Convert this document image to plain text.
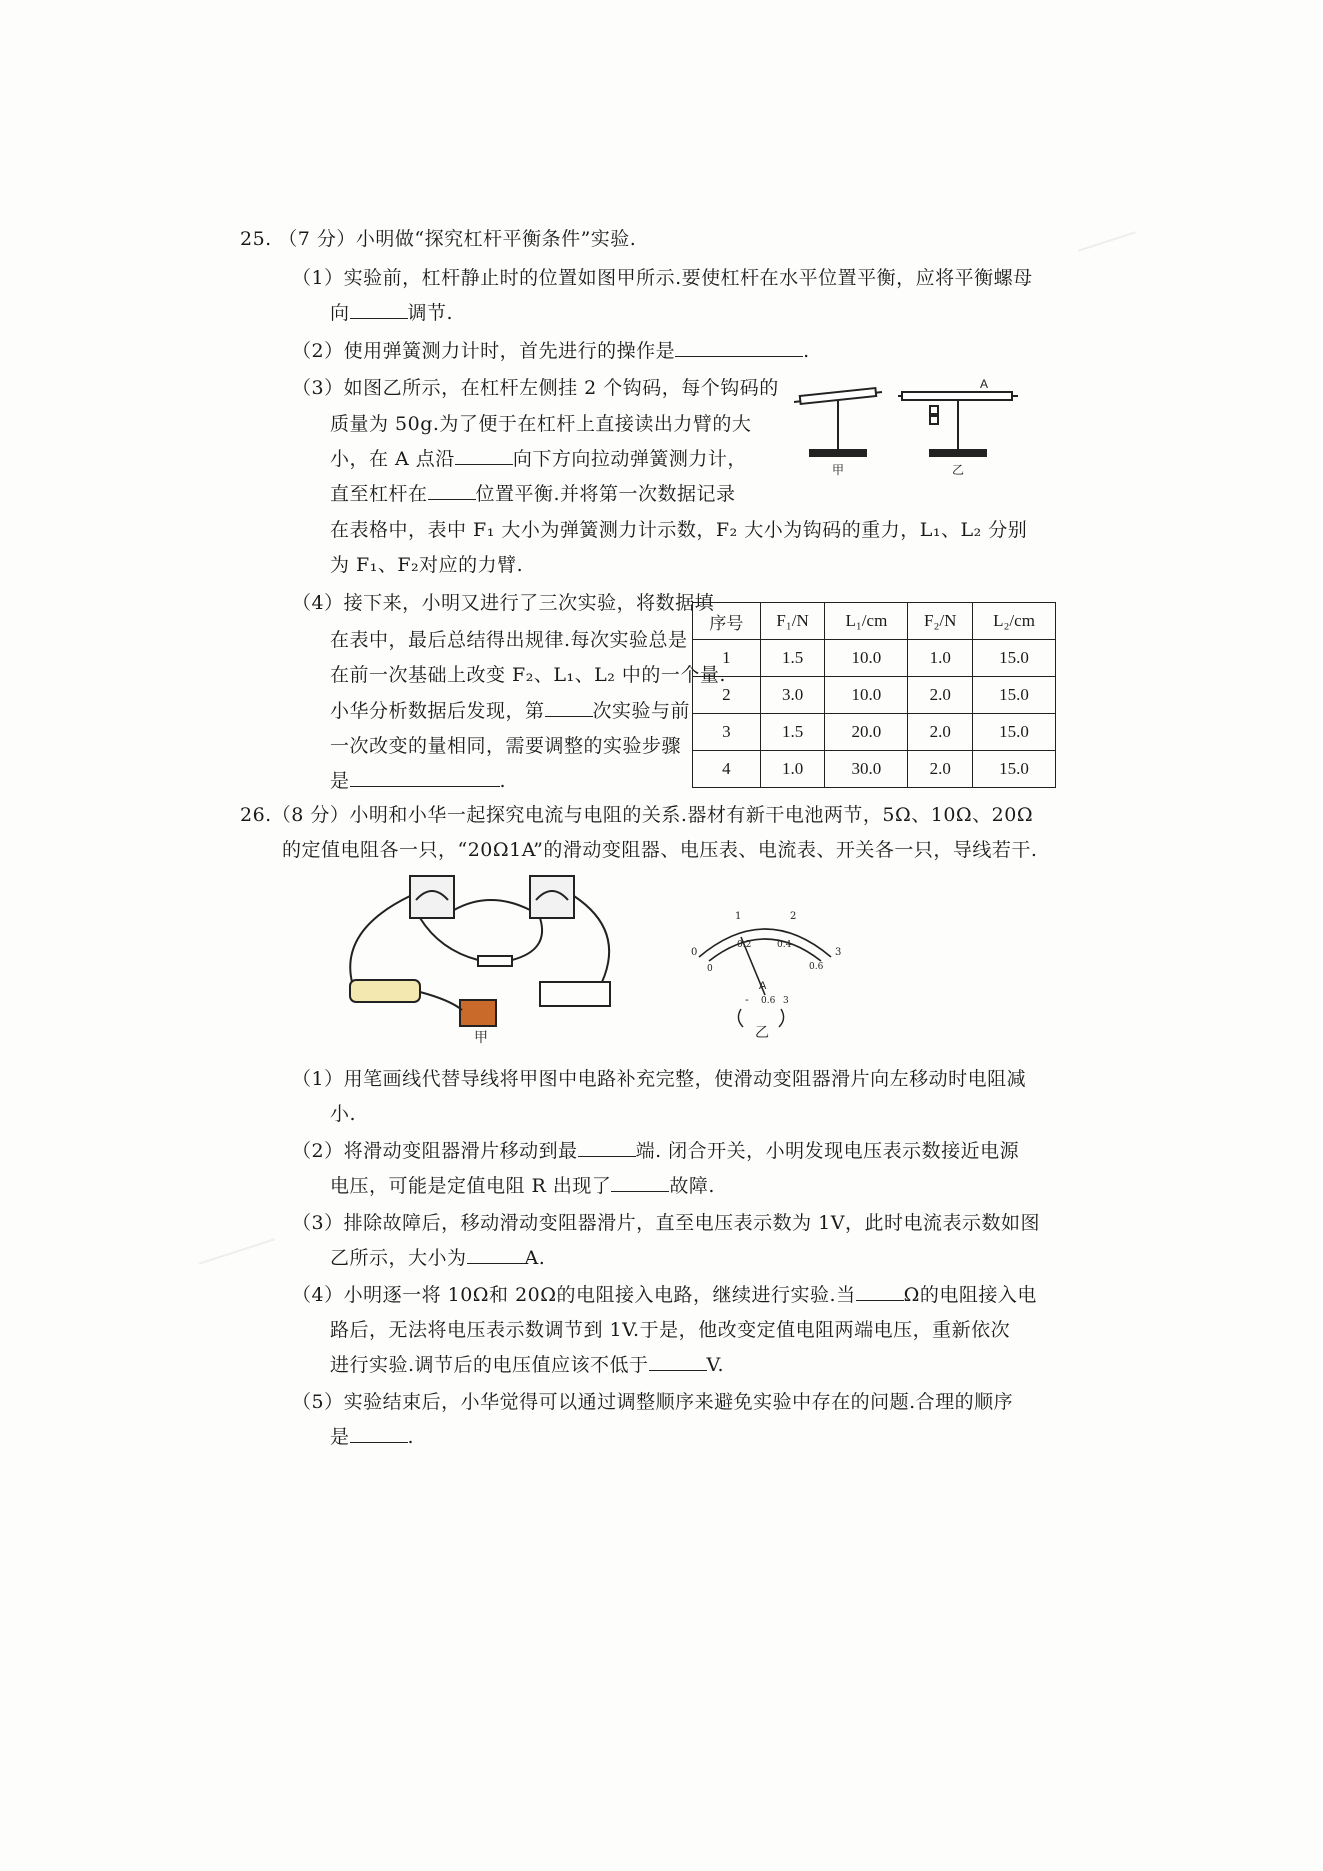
25. （7 分）小明做“探究杠杆平衡条件”实验.
（1）实验前，杠杆静止时的位置如图甲所示.要使杠杆在水平位置平衡，应将平衡螺母
向	调节.
（2）使用弹簧测力计时，首先进行的操作是	.
（3）如图乙所示，在杠杆左侧挂 2 个钩码，每个钩码的
质量为 50g.为了便于在杠杆上直接读出力臂的大
小，在 A 点沿	向下方向拉动弹簧测力计，
直至杠杆在	位置平衡.并将第一次数据记录
在表格中，表中 F₁ 大小为弹簧测力计示数，F₂ 大小为钩码的重力，L₁、L₂ 分别
为 F₁、F₂对应的力臂.
甲
A
乙
（4）接下来，小明又进行了三次实验，将数据填
在表中，最后总结得出规律.每次实验总是
在前一次基础上改变 F₂、L₁、L₂ 中的一个量.
小华分析数据后发现，第	次实验与前
一次改变的量相同，需要调整的实验步骤
是	.
序号	F₁/N	L₁/cm	F₂/N	L₂/cm
1	1.5	10.0	1.0	15.0
2	3.0	10.0	2.0	15.0
3	1.5	20.0	2.0	15.0
4	1.0	30.0	2.0	15.0
26.（8 分）小明和小华一起探究电流与电阻的关系.器材有新干电池两节，5Ω、10Ω、20Ω
的定值电阻各一只，“20Ω1A”的滑动变阻器、电压表、电流表、开关各一只，导线若干.
甲
0
1	2
3
0
0.2	0.4
0.6
A
- 0.6 3
乙
（1）用笔画线代替导线将甲图中电路补充完整，使滑动变阻器滑片向左移动时电阻减
小.
（2）将滑动变阻器滑片移动到最	端. 闭合开关，小明发现电压表示数接近电源
电压，可能是定值电阻 R 出现了	故障.
（3）排除故障后，移动滑动变阻器滑片，直至电压表示数为 1V，此时电流表示数如图
乙所示，大小为	A.
（4）小明逐一将 10Ω和 20Ω的电阻接入电路，继续进行实验.当	Ω的电阻接入电
路后，无法将电压表示数调节到 1V.于是，他改变定值电阻两端电压，重新依次
进行实验.调节后的电压值应该不低于	V.
（5）实验结束后，小华觉得可以通过调整顺序来避免实验中存在的问题.合理的顺序
是	.
